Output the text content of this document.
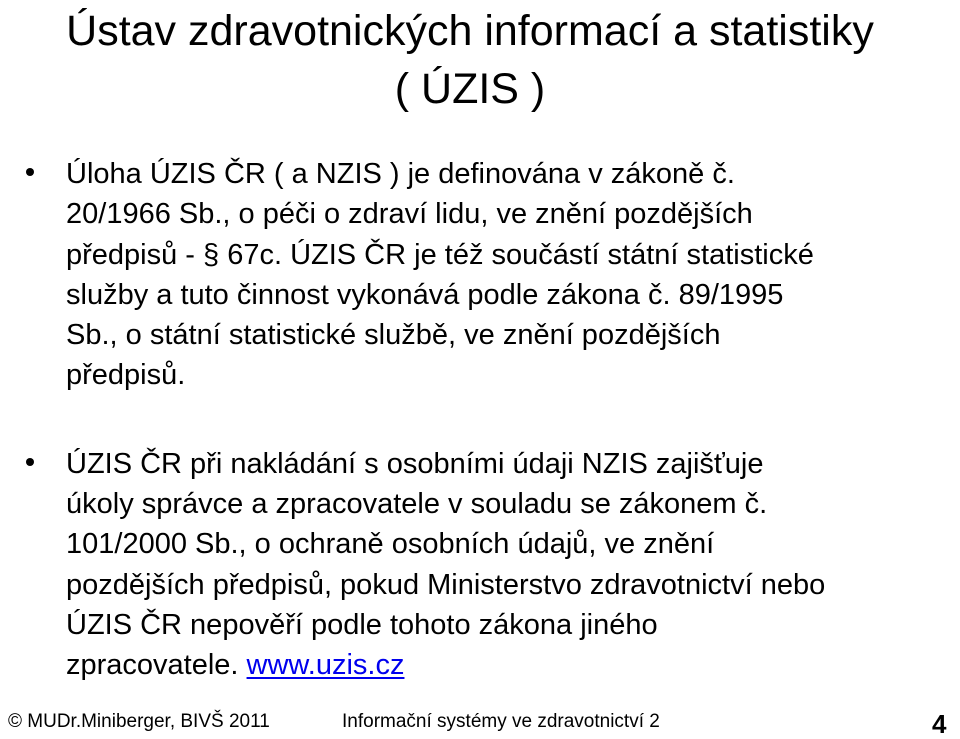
Ústav zdravotnických informací a statistiky
( ÚZIS )
Úloha ÚZIS ČR ( a NZIS ) je definována v zákoně č.
20/1966 Sb., o péči o zdraví lidu, ve znění pozdějších
předpisů - § 67c. ÚZIS ČR je též součástí státní statistické
služby a tuto činnost vykonává podle zákona č. 89/1995
Sb., o státní statistické službě, ve znění pozdějších
předpisů.
ÚZIS ČR při nakládání s osobními údaji NZIS zajišťuje
úkoly správce a zpracovatele v souladu se zákonem č.
101/2000 Sb., o ochraně osobních údajů, ve znění
pozdějších předpisů, pokud Ministerstvo zdravotnictví nebo
ÚZIS ČR nepověří podle tohoto zákona jiného
zpracovatele. www.uzis.cz
© MUDr.Miniberger, BIVŠ 2011	Informační systémy ve zdravotnictví 2	4
